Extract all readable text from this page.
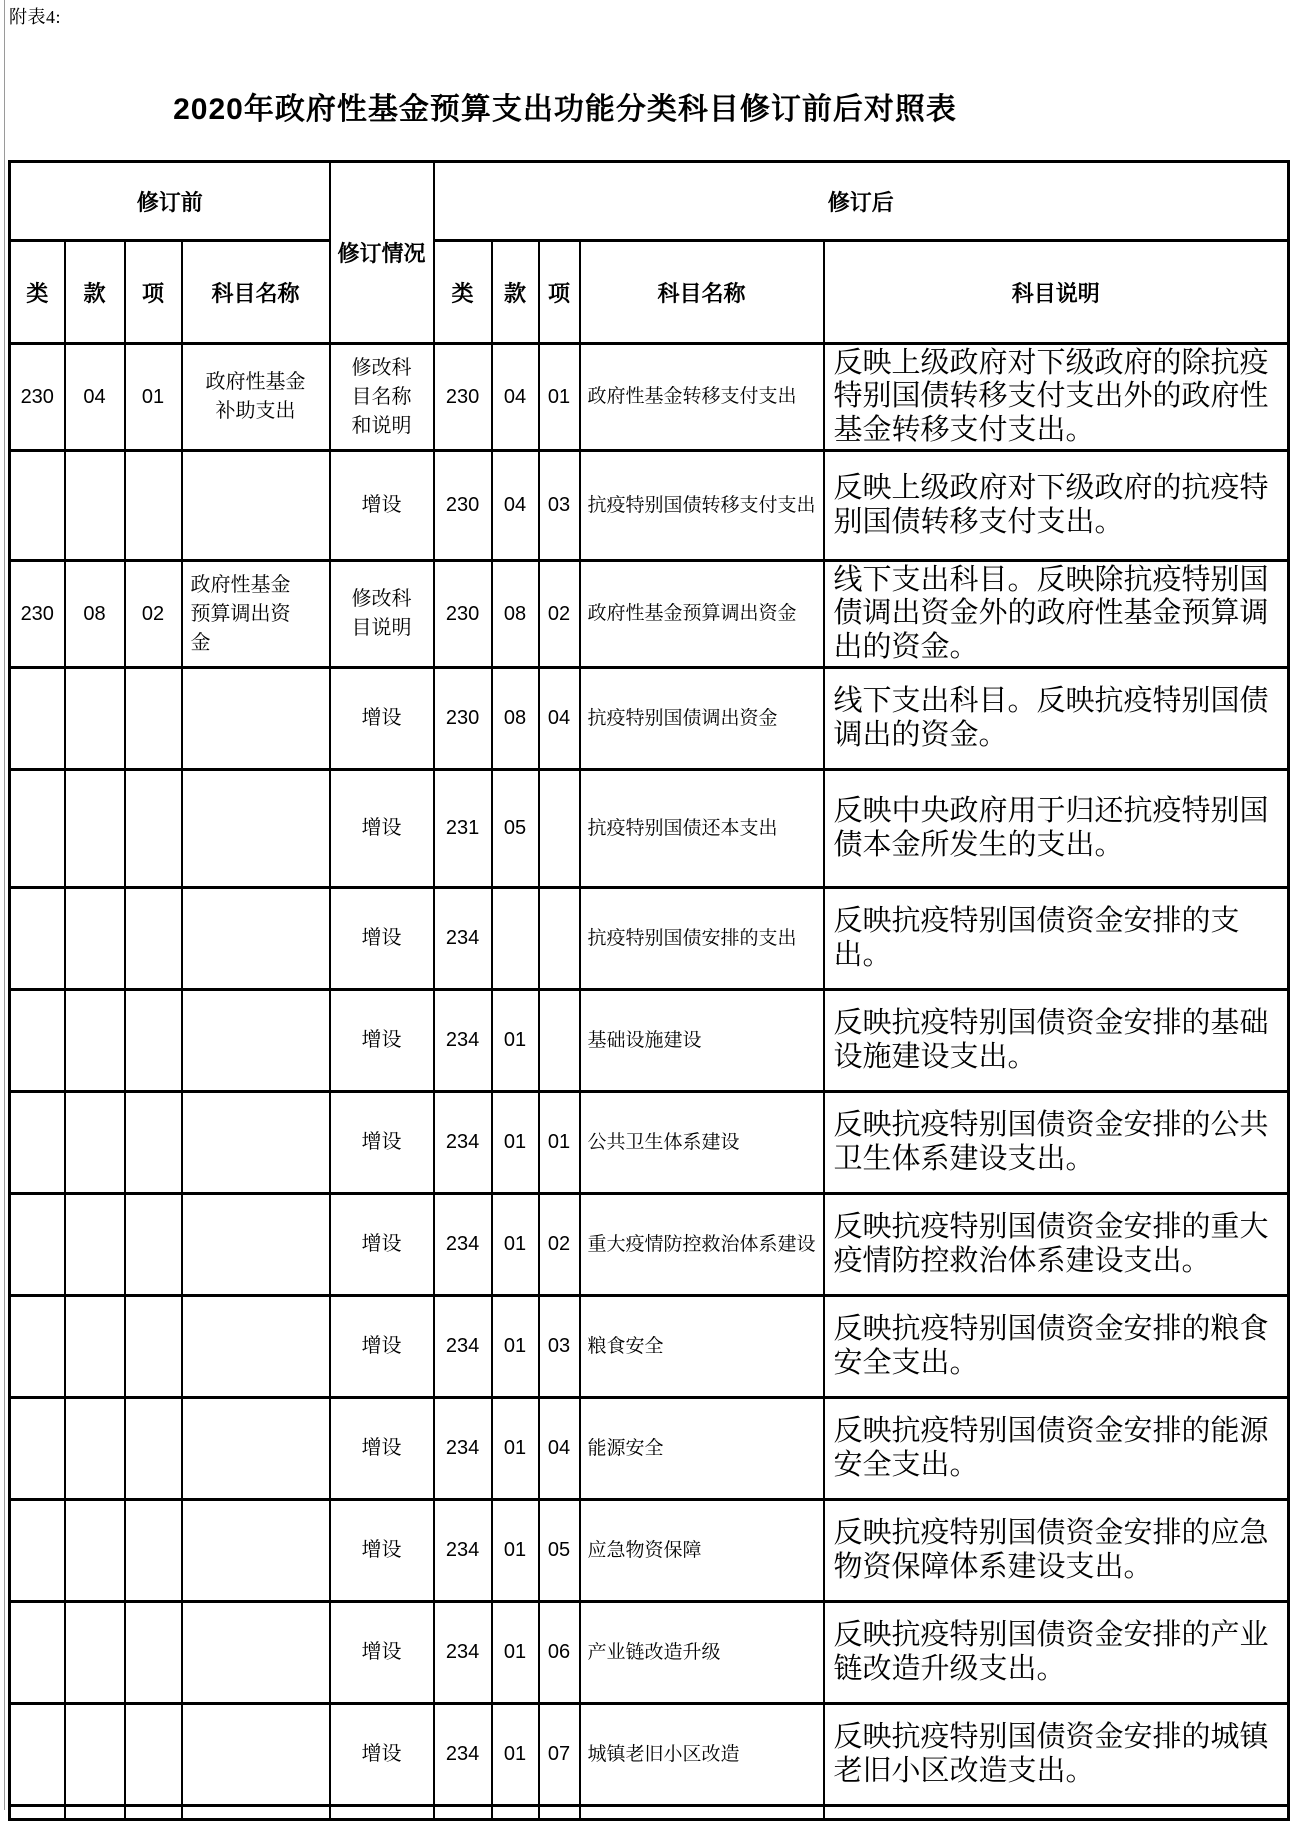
附表4:
2020年政府性基金预算支出功能分类科目修订前后对照表
修订前				修订情况	修订后				
类	款	项	科目名称		类	款	项	科目名称	科目说明
230	04	01	政府性基金补助支出	修改科目名称和说明	230	04	01	政府性基金转移支付支出	反映上级政府对下级政府的除抗疫特别国债转移支付支出外的政府性基金转移支付支出。
				增设	230	04	03	抗疫特别国债转移支付支出	反映上级政府对下级政府的抗疫特别国债转移支付支出。
230	08	02	政府性基金预算调出资金	修改科目说明	230	08	02	政府性基金预算调出资金	线下支出科目。反映除抗疫特别国债调出资金外的政府性基金预算调出的资金。
				增设	230	08	04	抗疫特别国债调出资金	线下支出科目。反映抗疫特别国债调出的资金。
				增设	231	05		抗疫特别国债还本支出	反映中央政府用于归还抗疫特别国债本金所发生的支出。
				增设	234			抗疫特别国债安排的支出	反映抗疫特别国债资金安排的支出。
				增设	234	01		基础设施建设	反映抗疫特别国债资金安排的基础设施建设支出。
				增设	234	01	01	公共卫生体系建设	反映抗疫特别国债资金安排的公共卫生体系建设支出。
				增设	234	01	02	重大疫情防控救治体系建设	反映抗疫特别国债资金安排的重大疫情防控救治体系建设支出。
				增设	234	01	03	粮食安全	反映抗疫特别国债资金安排的粮食安全支出。
				增设	234	01	04	能源安全	反映抗疫特别国债资金安排的能源安全支出。
				增设	234	01	05	应急物资保障	反映抗疫特别国债资金安排的应急物资保障体系建设支出。
				增设	234	01	06	产业链改造升级	反映抗疫特别国债资金安排的产业链改造升级支出。
				增设	234	01	07	城镇老旧小区改造	反映抗疫特别国债资金安排的城镇老旧小区改造支出。
